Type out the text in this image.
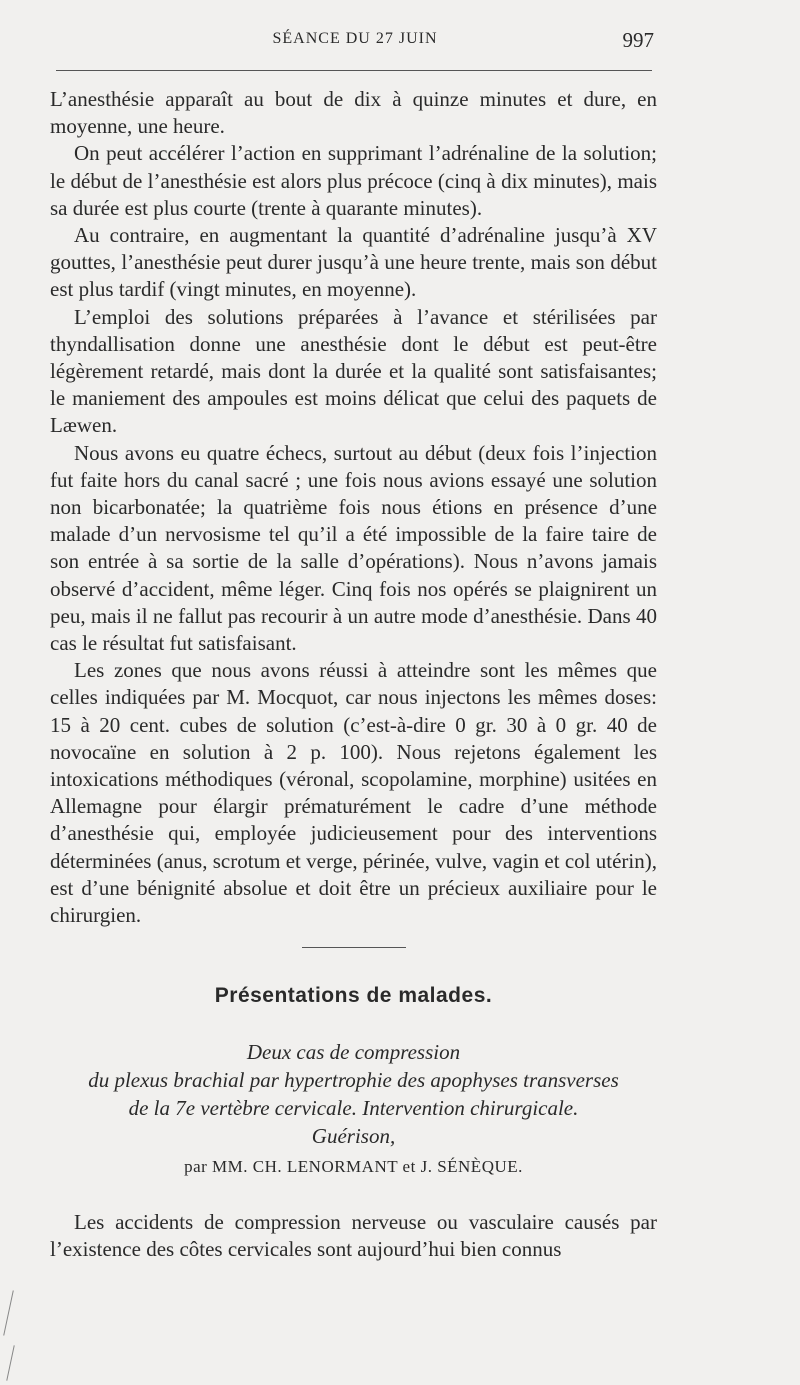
SÉANCE DU 27 JUIN	997

L’anesthésie apparaît au bout de dix à quinze minutes et dure, en moyenne, une heure.

On peut accélérer l’action en supprimant l’adrénaline de la solution; le début de l’anesthésie est alors plus précoce (cinq à dix minutes), mais sa durée est plus courte (trente à quarante minutes).

Au contraire, en augmentant la quantité d’adrénaline jusqu’à XV gouttes, l’anesthésie peut durer jusqu’à une heure trente, mais son début est plus tardif (vingt minutes, en moyenne).

L’emploi des solutions préparées à l’avance et stérilisées par thyndallisation donne une anesthésie dont le début est peut-être légèrement retardé, mais dont la durée et la qualité sont satisfaisantes; le maniement des ampoules est moins délicat que celui des paquets de Læwen.

Nous avons eu quatre échecs, surtout au début (deux fois l’injection fut faite hors du canal sacré ; une fois nous avions essayé une solution non bicarbonatée; la quatrième fois nous étions en présence d’une malade d’un nervosisme tel qu’il a été impossible de la faire taire de son entrée à sa sortie de la salle d’opérations). Nous n’avons jamais observé d’accident, même léger. Cinq fois nos opérés se plaignirent un peu, mais il ne fallut pas recourir à un autre mode d’anesthésie. Dans 40 cas le résultat fut satisfaisant.

Les zones que nous avons réussi à atteindre sont les mêmes que celles indiquées par M. Mocquot, car nous injectons les mêmes doses: 15 à 20 cent. cubes de solution (c’est-à-dire 0 gr. 30 à 0 gr. 40 de novocaïne en solution à 2 p. 100). Nous rejetons également les intoxications méthodiques (véronal, scopolamine, morphine) usitées en Allemagne pour élargir prématurément le cadre d’une méthode d’anesthésie qui, employée judicieusement pour des interventions déterminées (anus, scrotum et verge, périnée, vulve, vagin et col utérin), est d’une bénignité absolue et doit être un précieux auxiliaire pour le chirurgien.

Présentations de malades.
Deux cas de compression
du plexus brachial par hypertrophie des apophyses transverses
de la 7e vertèbre cervicale. Intervention chirurgicale.
Guérison,
par MM. CH. LENORMANT et J. SÉNÈQUE.

Les accidents de compression nerveuse ou vasculaire causés par l’existence des côtes cervicales sont aujourd’hui bien connus
